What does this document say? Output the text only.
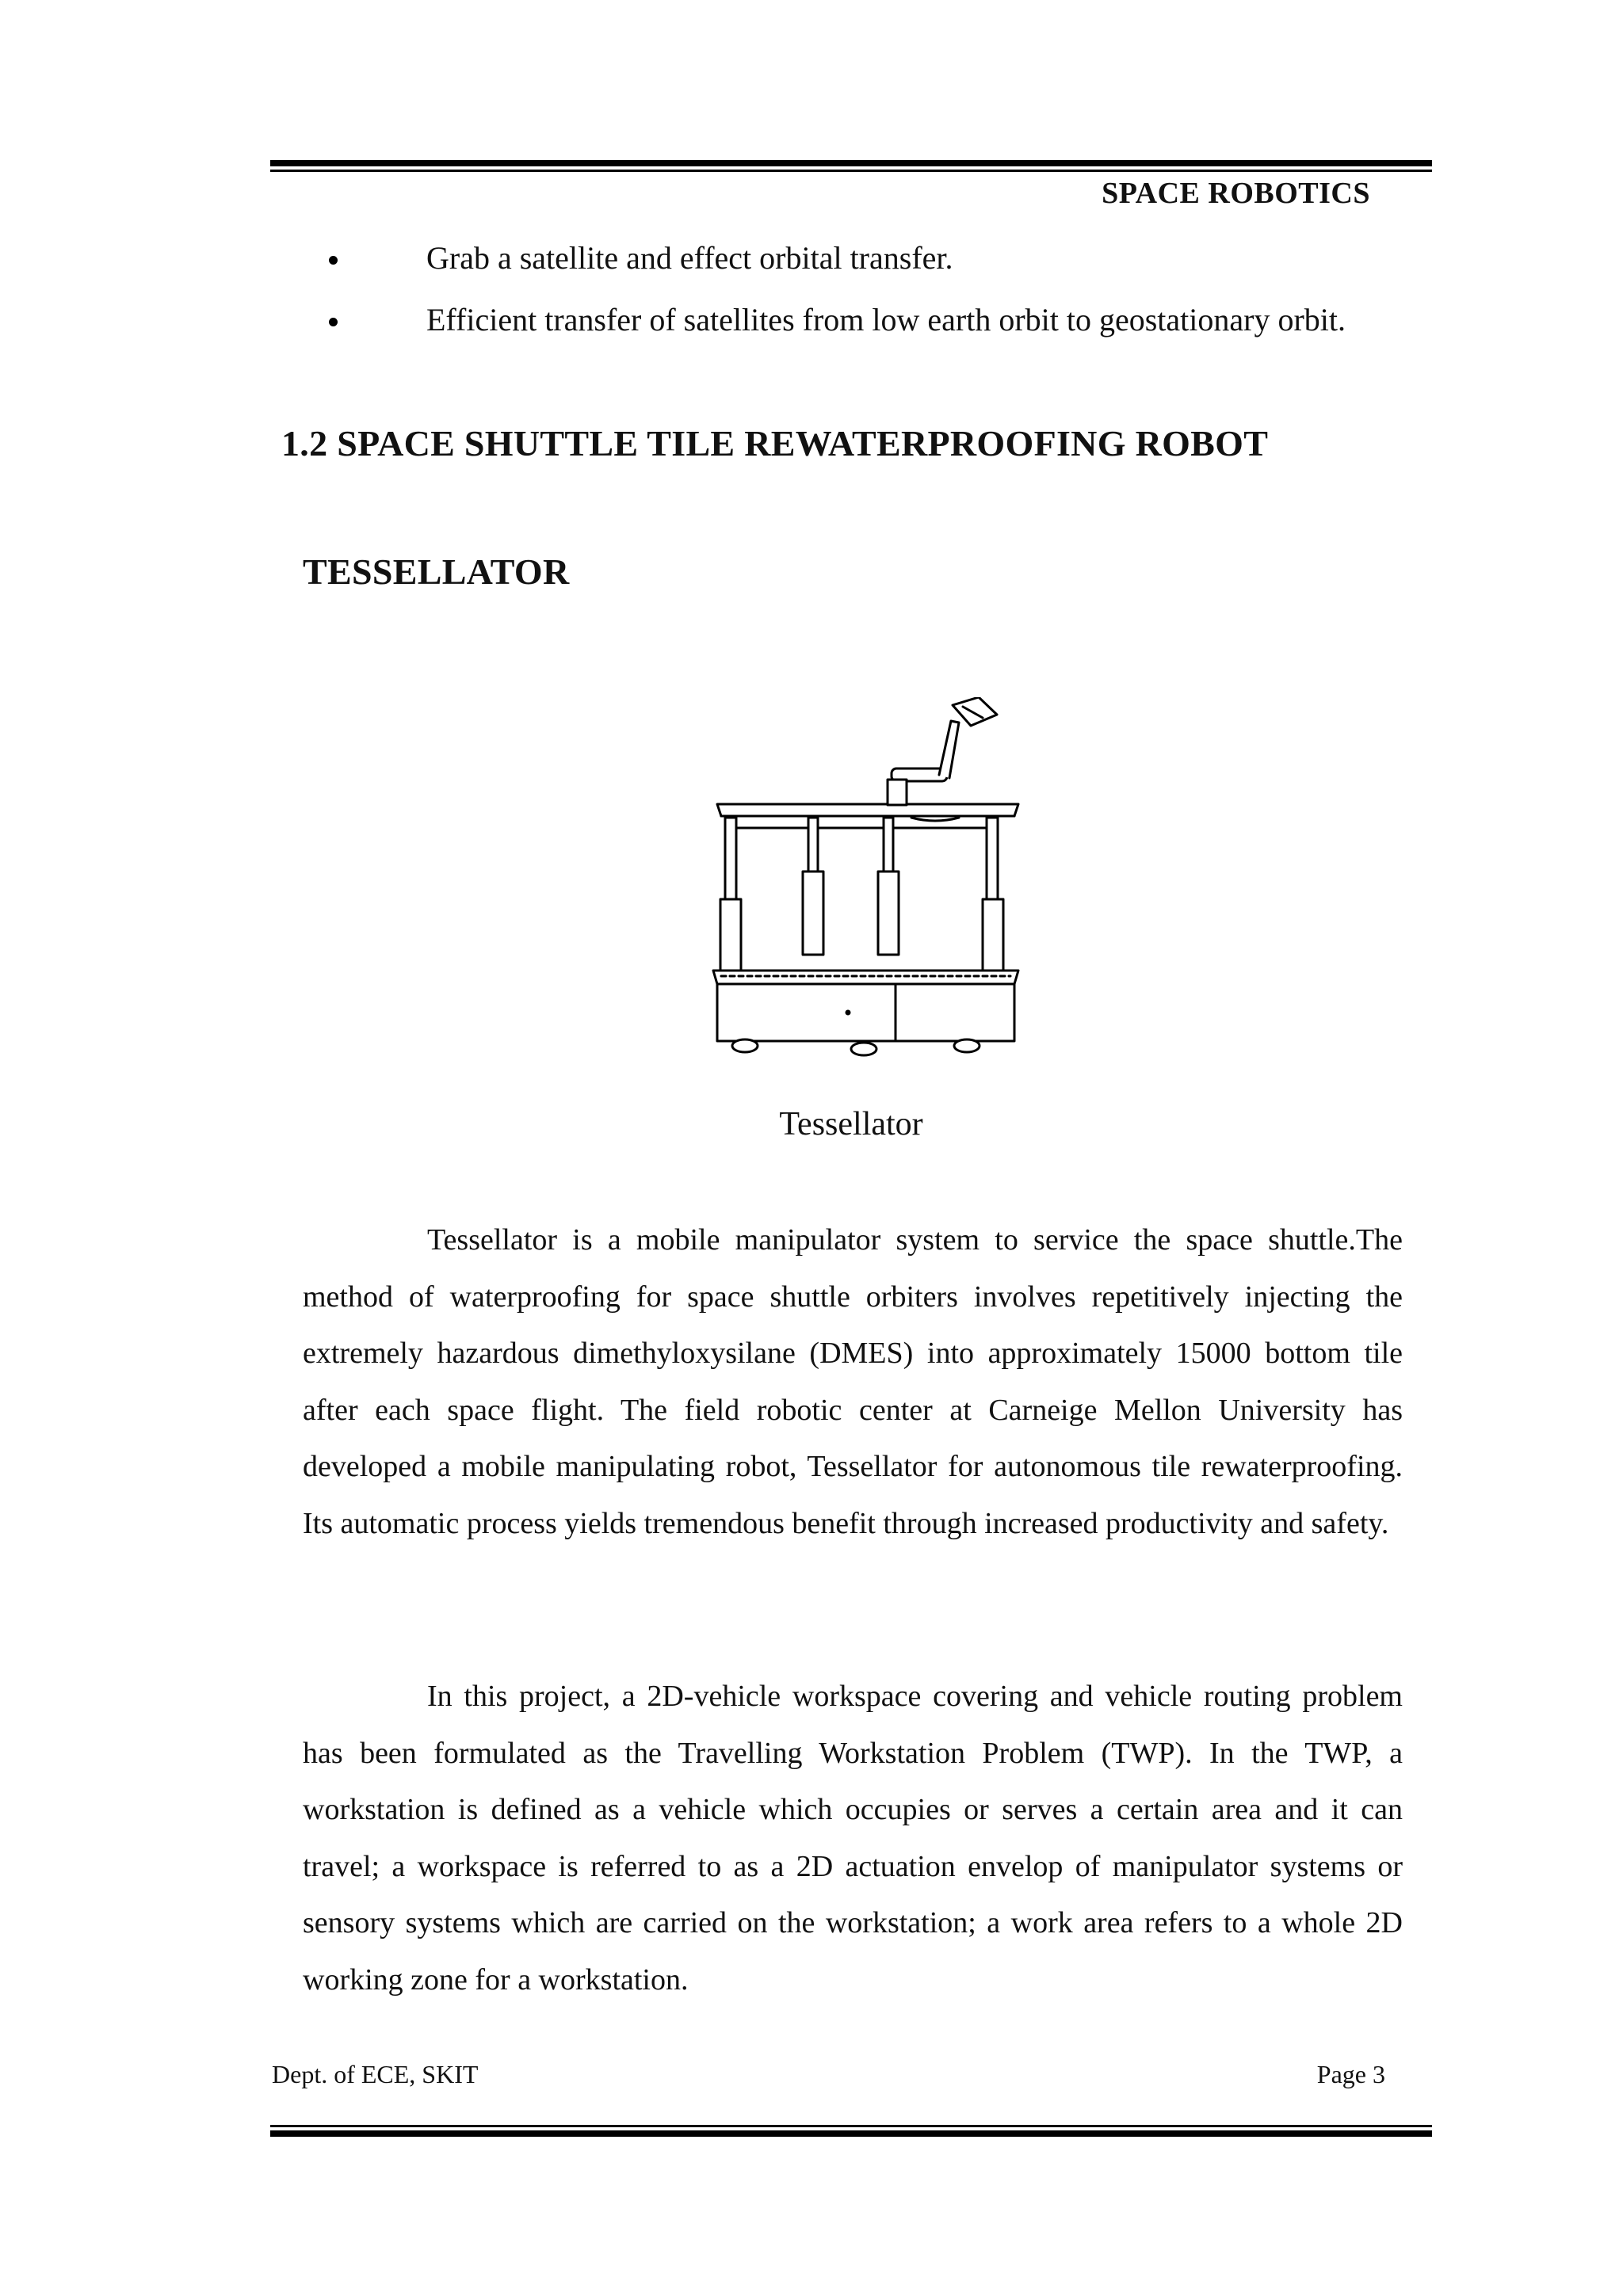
SPACE ROBOTICS
Grab a satellite and effect orbital transfer.
Efficient transfer of satellites from low earth orbit to geostationary orbit.
1.2 SPACE SHUTTLE TILE REWATERPROOFING ROBOT
TESSELLATOR
Tessellator

Tessellator is a mobile manipulator system to service the space shuttle.The method of waterproofing for space shuttle orbiters involves repetitively injecting the extremely hazardous dimethyloxysilane (DMES) into approximately 15000 bottom tile after each space flight. The field robotic center at Carneige Mellon University has developed a mobile manipulating robot, Tessellator for autonomous tile rewaterproofing. Its automatic process yields tremendous benefit through increased productivity and safety.

In this project, a 2D-vehicle workspace covering and vehicle routing problem has been formulated as the Travelling Workstation Problem (TWP). In the TWP, a workstation is defined as a vehicle which occupies or serves a certain area and it can travel; a workspace is referred to as a 2D actuation envelop of manipulator systems or sensory systems which are carried on the workstation; a work area refers to a whole 2D working zone for a workstation.

Dept. of ECE, SKIT	Page 3
